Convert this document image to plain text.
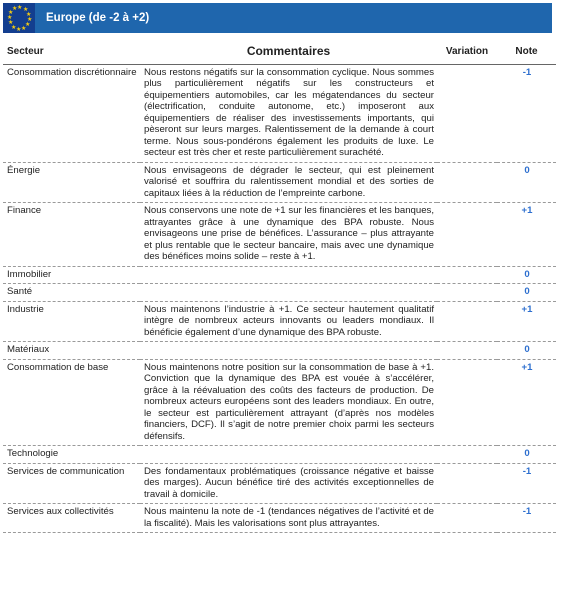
★ ★
★
★
★
★
★
★
★
★
★
★
Europe (de -2 à +2)
Secteur	Commentaires	Variation	Note
Consommation discrétionnaire	Nous restons négatifs sur la consommation cyclique. Nous sommes plus particulièrement négatifs sur les constructeurs et équipementiers automobiles, car les mégatendances du secteur (électrification, conduite autonome, etc.) imposeront aux équipementiers de réaliser des investissements importants, qui pèseront sur leurs marges. Ralentissement de la demande à court terme. Nous sous-pondérons également les produits de luxe. Le secteur est très cher et reste particulièrement surachété.		-1
Énergie	Nous envisageons de dégrader le secteur, qui est pleinement valorisé et souffrira du ralentissement mondial et des sorties de capitaux liées à la réduction de l’empreinte carbone.		0
Finance	Nous conservons une note de +1 sur les financières et les banques, attrayantes grâce à une dynamique des BPA robuste. Nous envisageons une prise de bénéfices. L’assurance – plus attrayante et plus rentable que le secteur bancaire, mais avec une dynamique des bénéfices moins solide – reste à +1.		+1
Immobilier			0
Santé			0
Industrie	Nous maintenons l’industrie à +1. Ce secteur hautement qualitatif intègre de nombreux acteurs innovants ou leaders mondiaux. Il bénéficie également d’une dynamique des BPA robuste.		+1
Matériaux			0
Consommation de base	Nous maintenons notre position sur la consommation de base à +1. Conviction que la dynamique des BPA est vouée à s’accélérer, grâce à la réévaluation des coûts des facteurs de production. De nombreux acteurs européens sont des leaders mondiaux. En outre, le secteur est particulièrement attrayant (d’après nos modèles financiers, DCF). Il s’agit de notre premier choix parmi les secteurs défensifs.		+1
Technologie			0
Services de communication	Des fondamentaux problématiques (croissance négative et baisse des marges). Aucun bénéfice tiré des activités exceptionnelles de travail à domicile.		-1
Services aux collectivités	Nous maintenu la note de -1 (tendances négatives de l’activité et de la fiscalité). Mais les valorisations sont plus attrayantes.		-1
